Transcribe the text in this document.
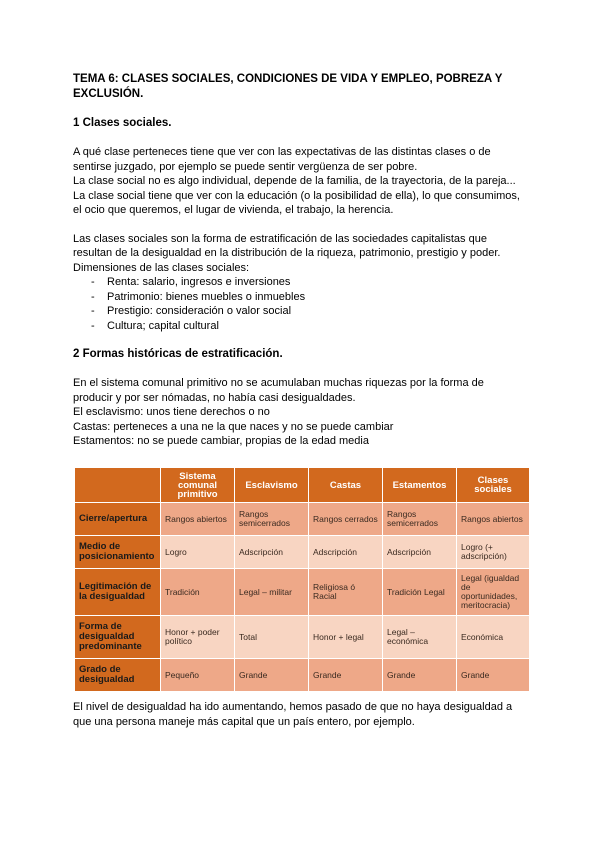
TEMA 6: CLASES SOCIALES, CONDICIONES DE VIDA Y EMPLEO, POBREZA Y EXCLUSIÓN.

1 Clases sociales.

A qué clase perteneces tiene que ver con las expectativas de las distintas clases o de

sentirse juzgado, por ejemplo se puede sentir vergüenza de ser pobre.

La clase social no es algo individual, depende de la familia, de la trayectoria, de la pareja...

La clase social tiene que ver con la educación (o la posibilidad de ella), lo que consumimos,

el ocio que queremos, el lugar de vivienda, el trabajo, la herencia.

Las clases sociales son la forma de estratificación de las sociedades capitalistas que

resultan de la desigualdad en la distribución de la riqueza, patrimonio, prestigio y poder.

Dimensiones de las clases sociales:

- Renta: salario, ingresos e inversiones
- Patrimonio: bienes muebles o inmuebles
- Prestigio: consideración o valor social
- Cultura; capital cultural

2 Formas históricas de estratificación.

En el sistema comunal primitivo no se acumulaban muchas riquezas por la forma de

producir y por ser nómadas, no había casi desigualdades.

El esclavismo: unos tiene derechos o no

Castas: perteneces a una ne la que naces y no se puede cambiar

Estamentos: no se puede cambiar, propias de la edad media

	Sistema comunal primitivo	Esclavismo	Castas	Estamentos	Clases sociales
Cierre/apertura	Rangos abiertos	Rangos semicerrados	Rangos cerrados	Rangos semicerrados	Rangos abiertos
Medio de posicionamiento	Logro	Adscripción	Adscripción	Adscripción	Logro (+ adscripción)
Legitimación de la desigualdad	Tradición	Legal – militar	Religiosa ó Racial	Tradición Legal	Legal (igualdad de oportunidades, meritocracia)
Forma de desigualdad predominante	Honor + poder político	Total	Honor + legal	Legal – económica	Económica
Grado de desigualdad	Pequeño	Grande	Grande	Grande	Grande

El nivel de desigualdad ha ido aumentando, hemos pasado de que no haya desigualdad a

que una persona maneje más capital que un país entero, por ejemplo.
